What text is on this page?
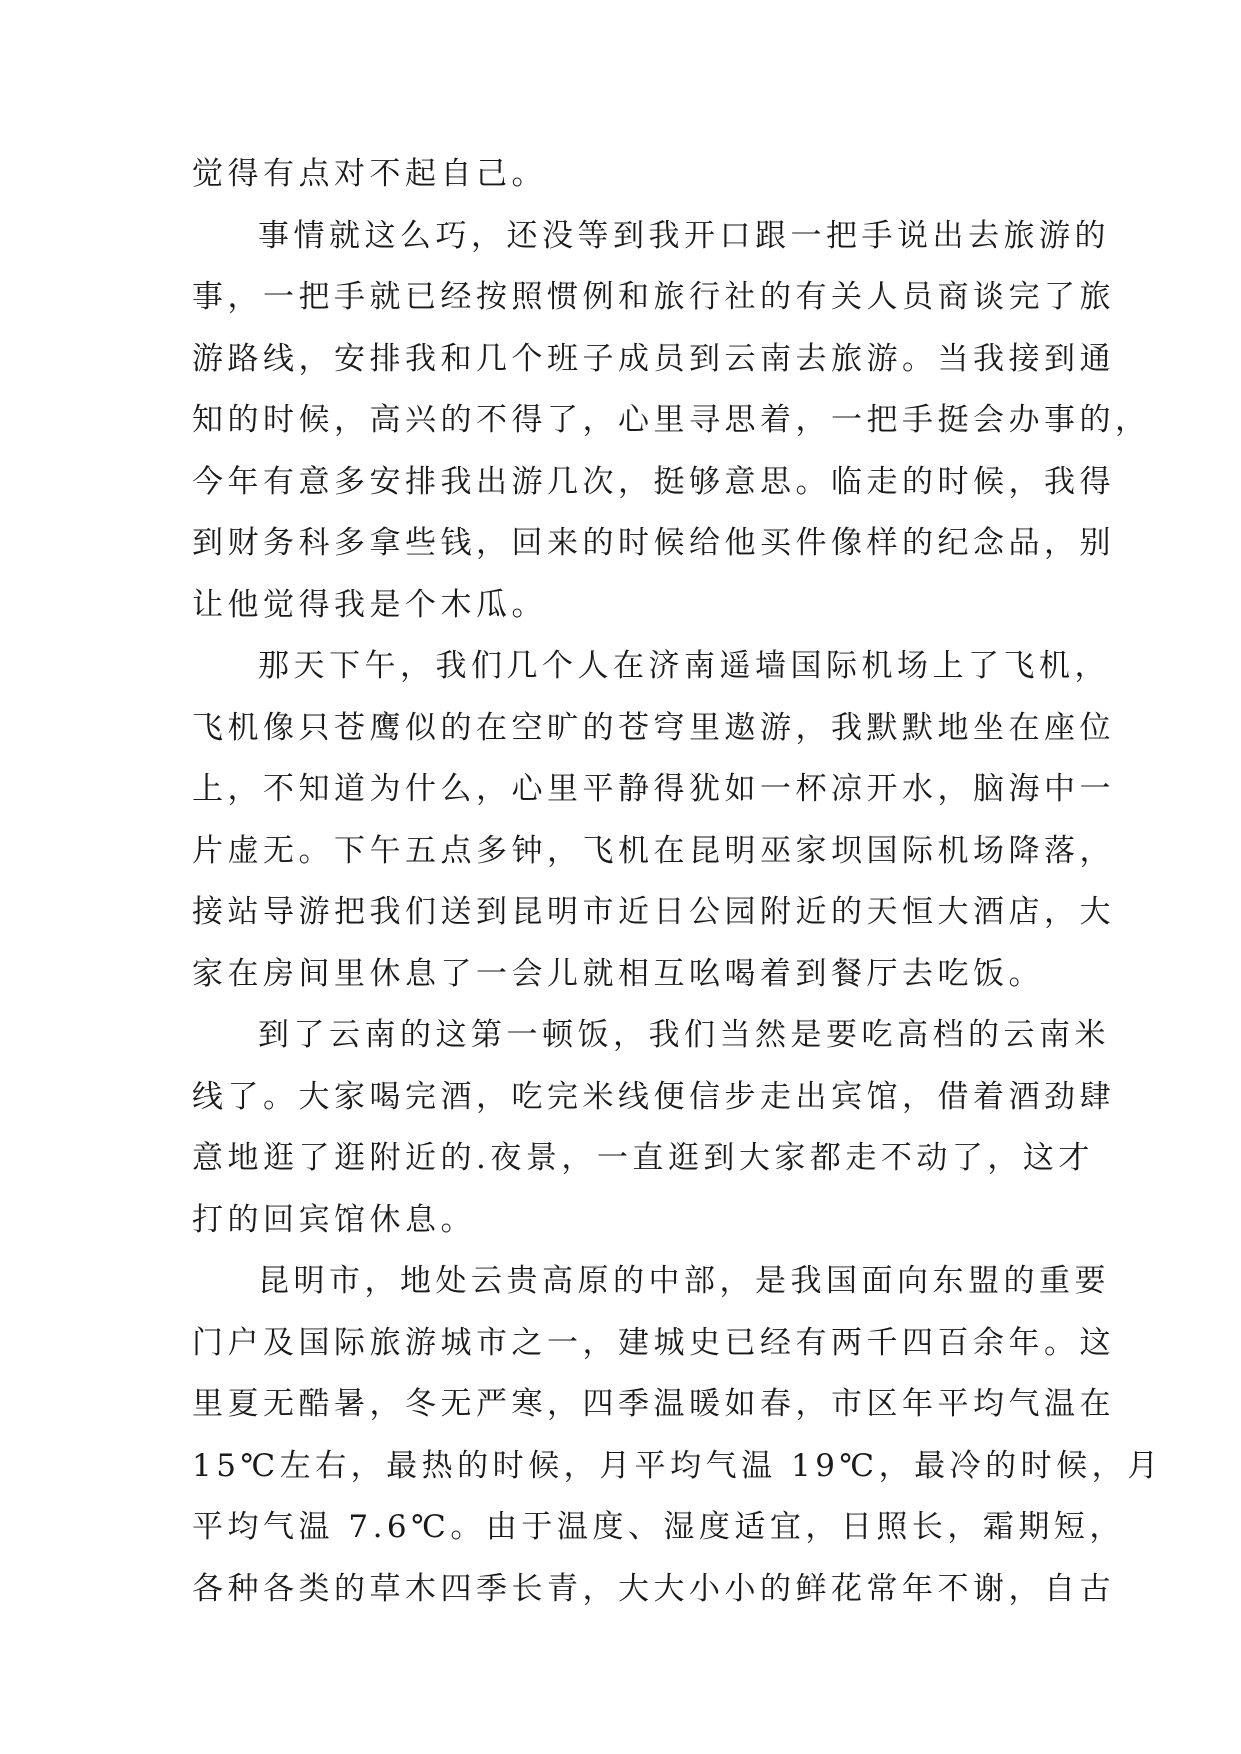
觉得有点对不起自己。
事情就这么巧，还没等到我开口跟一把手说出去旅游的
事，一把手就已经按照惯例和旅行社的有关人员商谈完了旅
游路线，安排我和几个班子成员到云南去旅游。当我接到通
知的时候，高兴的不得了，心里寻思着，一把手挺会办事的，
今年有意多安排我出游几次，挺够意思。临走的时候，我得
到财务科多拿些钱，回来的时候给他买件像样的纪念品，别
让他觉得我是个木瓜。
那天下午，我们几个人在济南遥墙国际机场上了飞机，
飞机像只苍鹰似的在空旷的苍穹里遨游，我默默地坐在座位
上，不知道为什么，心里平静得犹如一杯凉开水，脑海中一
片虚无。下午五点多钟，飞机在昆明巫家坝国际机场降落，
接站导游把我们送到昆明市近日公园附近的天恒大酒店，大
家在房间里休息了一会儿就相互吆喝着到餐厅去吃饭。
到了云南的这第一顿饭，我们当然是要吃高档的云南米
线了。大家喝完酒，吃完米线便信步走出宾馆，借着酒劲肆
意地逛了逛附近的.夜景，一直逛到大家都走不动了，这才
打的回宾馆休息。
昆明市，地处云贵高原的中部，是我国面向东盟的重要
门户及国际旅游城市之一，建城史已经有两千四百余年。这
里夏无酷暑，冬无严寒，四季温暖如春，市区年平均气温在
15℃左右，最热的时候，月平均气温 19℃，最冷的时候，月
平均气温 7.6℃。由于温度、湿度适宜，日照长，霜期短，
各种各类的草木四季长青，大大小小的鲜花常年不谢，自古
